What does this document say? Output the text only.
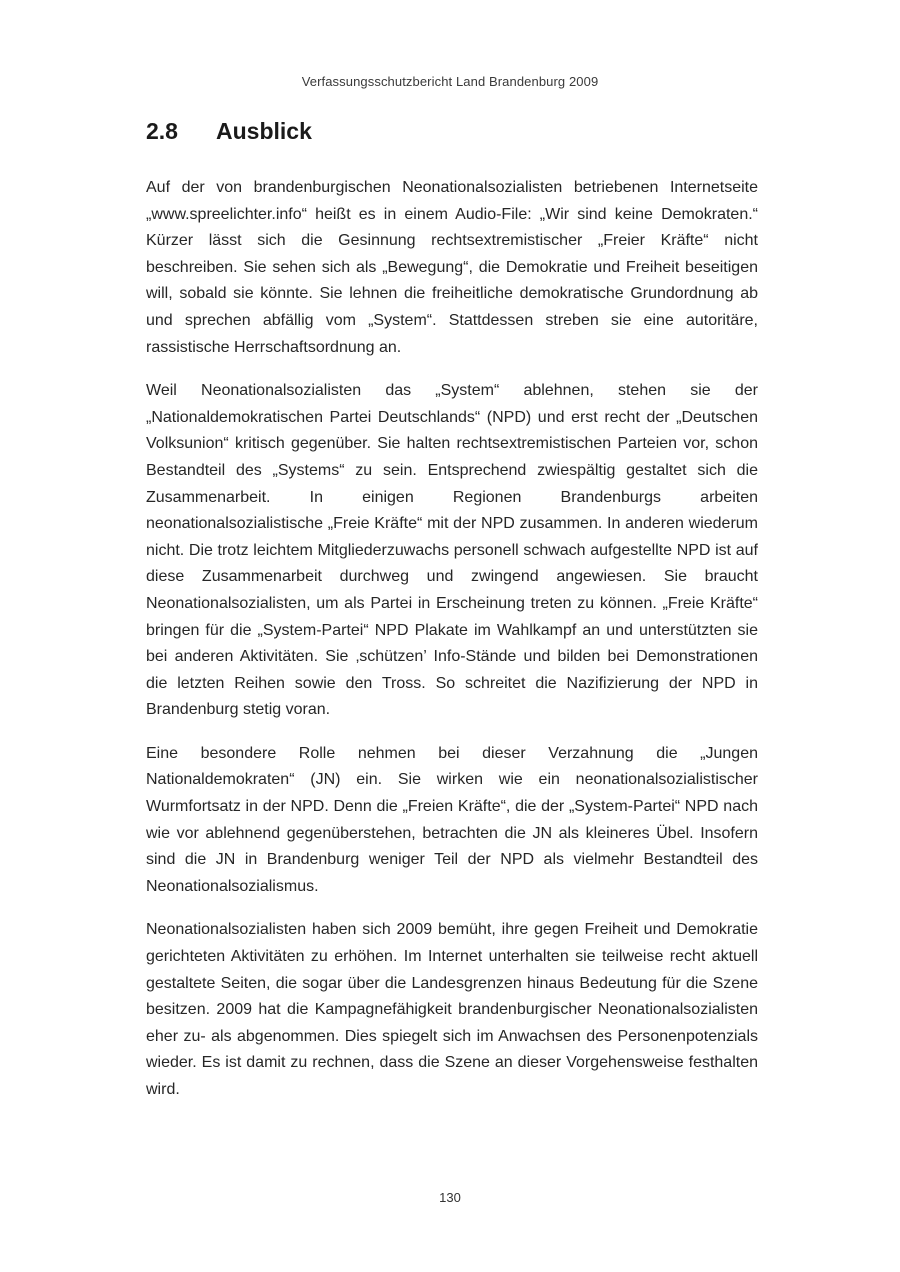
Verfassungsschutzbericht Land Brandenburg 2009
2.8 Ausblick

Auf der von brandenburgischen Neonationalsozialisten betriebenen Internetseite „www.spreelichter.info“ heißt es in einem Audio-File: „Wir sind keine Demokraten.“ Kürzer lässt sich die Gesinnung rechtsextremistischer „Freier Kräfte“ nicht beschreiben. Sie sehen sich als „Bewegung“, die Demokratie und Freiheit beseitigen will, sobald sie könnte. Sie lehnen die freiheitliche demokratische Grundordnung ab und sprechen abfällig vom „System“. Stattdessen streben sie eine autoritäre, rassistische Herrschaftsordnung an.

Weil Neonationalsozialisten das „System“ ablehnen, stehen sie der „Nationaldemokratischen Partei Deutschlands“ (NPD) und erst recht der „Deutschen Volksunion“ kritisch gegenüber. Sie halten rechtsextremistischen Parteien vor, schon Bestandteil des „Systems“ zu sein. Entsprechend zwiespältig gestaltet sich die Zusammenarbeit. In einigen Regionen Brandenburgs arbeiten neonationalsozialistische „Freie Kräfte“ mit der NPD zusammen. In anderen wiederum nicht. Die trotz leichtem Mitgliederzuwachs personell schwach aufgestellte NPD ist auf diese Zusammenarbeit durchweg und zwingend angewiesen. Sie braucht Neonationalsozialisten, um als Partei in Erscheinung treten zu können. „Freie Kräfte“ bringen für die „System-Partei“ NPD Plakate im Wahlkampf an und unterstützten sie bei anderen Aktivitäten. Sie ‚schützen’ Info-Stände und bilden bei Demonstrationen die letzten Reihen sowie den Tross. So schreitet die Nazifizierung der NPD in Brandenburg stetig voran.

Eine besondere Rolle nehmen bei dieser Verzahnung die „Jungen Nationaldemokraten“ (JN) ein. Sie wirken wie ein neonationalsozialistischer Wurmfortsatz in der NPD. Denn die „Freien Kräfte“, die der „System-Partei“ NPD nach wie vor ablehnend gegenüberstehen, betrachten die JN als kleineres Übel. Insofern sind die JN in Brandenburg weniger Teil der NPD als vielmehr Bestandteil des Neonationalsozialismus.

Neonationalsozialisten haben sich 2009 bemüht, ihre gegen Freiheit und Demokratie gerichteten Aktivitäten zu erhöhen. Im Internet unterhalten sie teilweise recht aktuell gestaltete Seiten, die sogar über die Landesgrenzen hinaus Bedeutung für die Szene besitzen. 2009 hat die Kampagnefähigkeit brandenburgischer Neonationalsozialisten eher zu- als abgenommen. Dies spiegelt sich im Anwachsen des Personenpotenzials wieder. Es ist damit zu rechnen, dass die Szene an dieser Vorgehensweise festhalten wird.

130
